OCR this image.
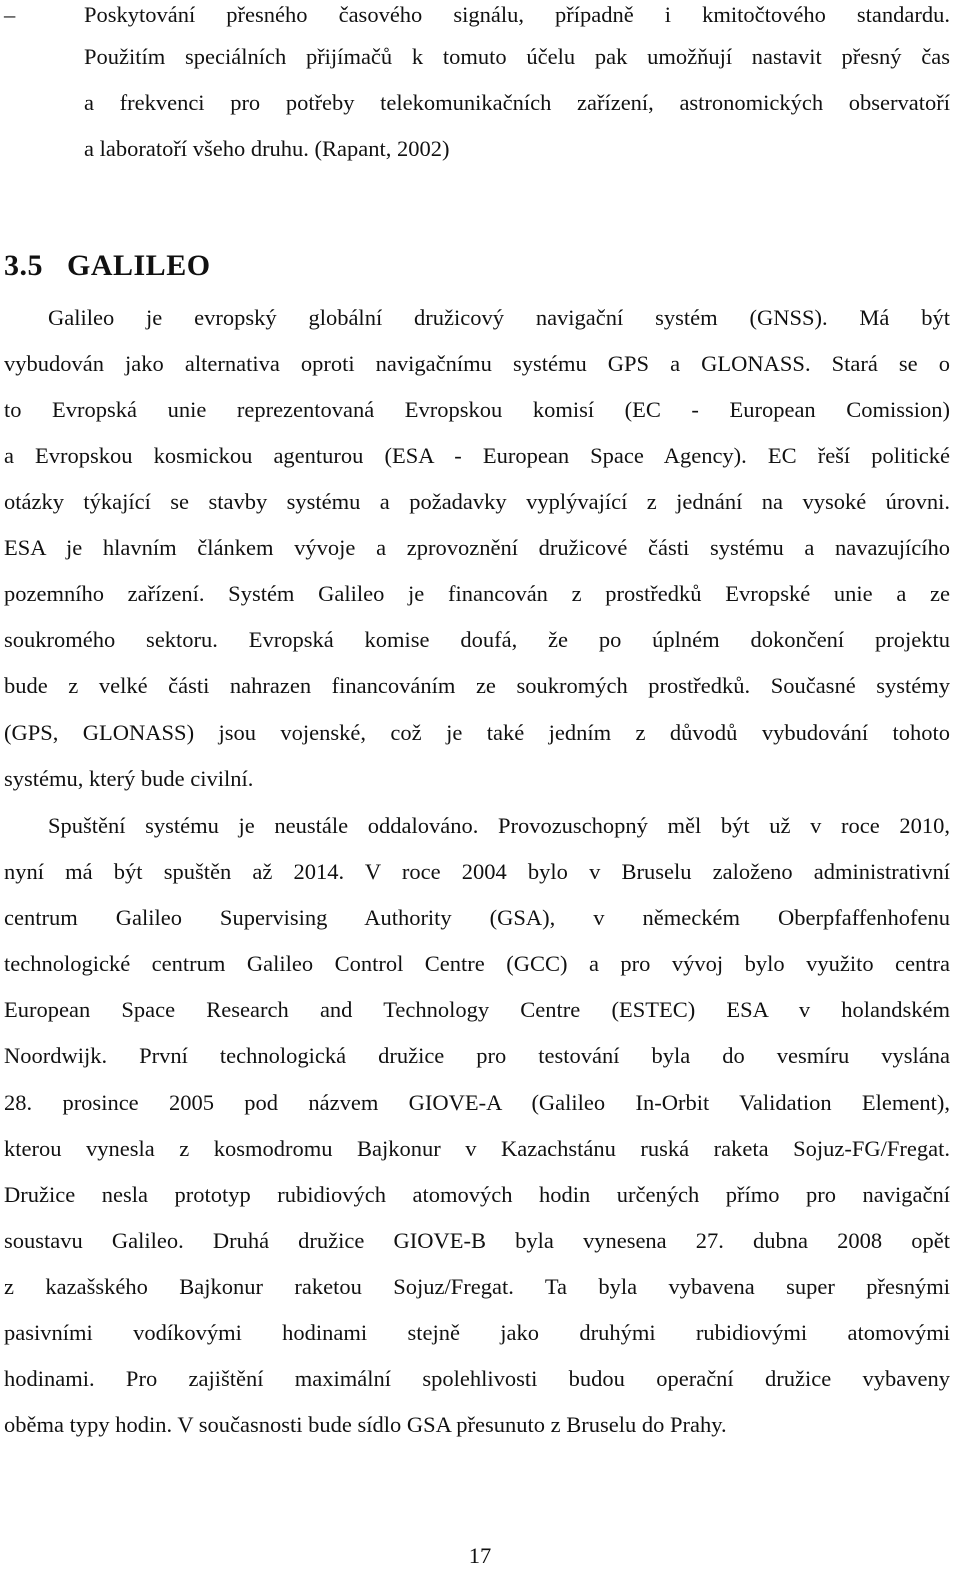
–	Poskytování přesného časového signálu, případně i kmitočtového standardu.
Použitím speciálních přijímačů k tomuto účelu pak umožňují nastavit přesný čas
a frekvenci pro potřeby telekomunikačních zařízení, astronomických observatoří
a laboratoří všeho druhu. (Rapant, 2002)
3.5 GALILEO
Galileo je evropský globální družicový navigační systém (GNSS). Má být
vybudován jako alternativa oproti navigačnímu systému GPS a GLONASS. Stará se o
to Evropská unie reprezentovaná Evropskou komisí (EC - European Comission)
a Evropskou kosmickou agenturou (ESA - European Space Agency). EC řeší politické
otázky týkající se stavby systému a požadavky vyplývající z jednání na vysoké úrovni.
ESA je hlavním článkem vývoje a zprovoznění družicové části systému a navazujícího
pozemního zařízení. Systém Galileo je financován z prostředků Evropské unie a ze
soukromého sektoru. Evropská komise doufá, že po úplném dokončení projektu
bude z velké části nahrazen financováním ze soukromých prostředků. Současné systémy
(GPS, GLONASS) jsou vojenské, což je také jedním z důvodů vybudování tohoto
systému, který bude civilní.
Spuštění systému je neustále oddalováno. Provozuschopný měl být už v roce 2010,
nyní má být spuštěn až 2014. V roce 2004 bylo v Bruselu založeno administrativní
centrum Galileo Supervising Authority (GSA), v německém Oberpfaffenhofenu
technologické centrum Galileo Control Centre (GCC) a pro vývoj bylo využito centra
European Space Research and Technology Centre (ESTEC) ESA v holandském
Noordwijk. První technologická družice pro testování byla do vesmíru vyslána
28. prosince 2005 pod názvem GIOVE-A (Galileo In-Orbit Validation Element),
kterou vynesla z kosmodromu Bajkonur v Kazachstánu ruská raketa Sojuz-FG/Fregat.
Družice nesla prototyp rubidiových atomových hodin určených přímo pro navigační
soustavu Galileo. Druhá družice GIOVE-B byla vynesena 27. dubna 2008 opět
z kazašského Bajkonur raketou Sojuz/Fregat. Ta byla vybavena super přesnými
pasivními vodíkovými hodinami stejně jako druhými rubidiovými atomovými
hodinami. Pro zajištění maximální spolehlivosti budou operační družice vybaveny
oběma typy hodin. V současnosti bude sídlo GSA přesunuto z Bruselu do Prahy.
17
